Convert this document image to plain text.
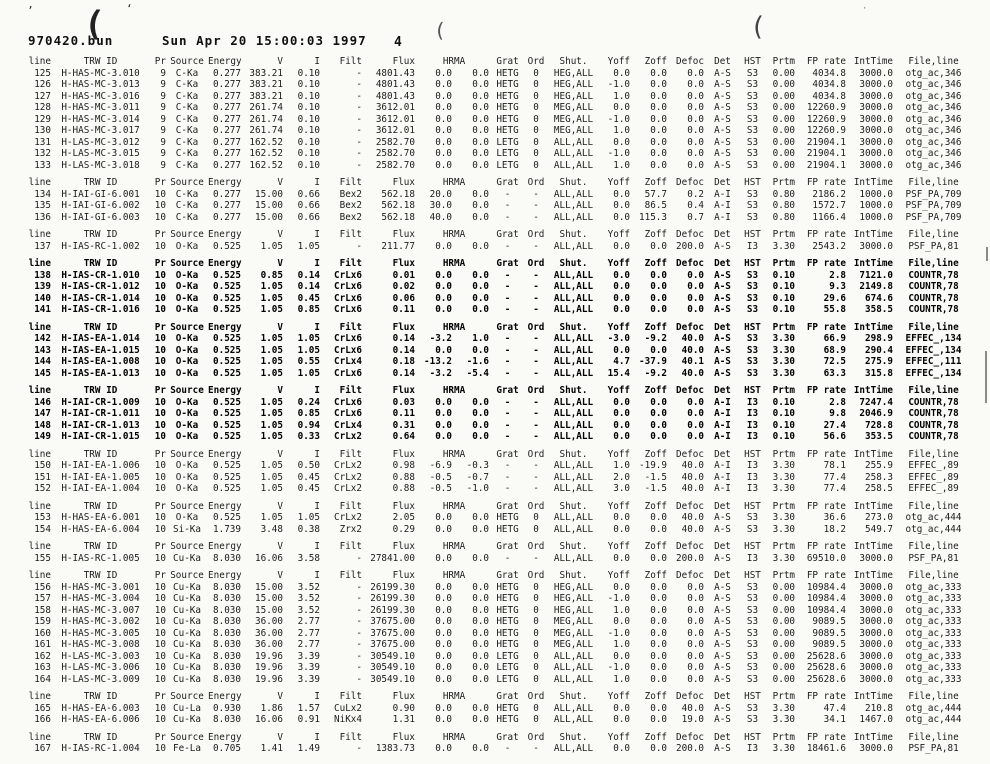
970420.bun	Sun Apr 20 15:00:03 1997 4
line	TRW ID	Pr	Source	Energy	V	I	Filt	Flux	HRMA		Grat	Ord	Shut.	Yoff	Zoff	Defoc	Det	HST	Prtm	FP rate	IntTime	File,line
125	H-HAS-MC-3.010	9	C-Ka	0.277	383.21	0.10	-	4801.43	0.0	0.0	HETG	0	HEG,ALL	0.0	0.0	0.0	A-S	S3	0.00	4034.8	3000.0	otg_ac,346
126	H-HAS-MC-3.013	9	C-Ka	0.277	383.21	0.10	-	4801.43	0.0	0.0	HETG	0	HEG,ALL	-1.0	0.0	0.0	A-S	S3	0.00	4034.8	3000.0	otg_ac,346
127	H-HAS-MC-3.016	9	C-Ka	0.277	383.21	0.10	-	4801.43	0.0	0.0	HETG	0	HEG,ALL	1.0	0.0	0.0	A-S	S3	0.00	4034.8	3000.0	otg_ac,346
128	H-HAS-MC-3.011	9	C-Ka	0.277	261.74	0.10	-	3612.01	0.0	0.0	HETG	0	MEG,ALL	0.0	0.0	0.0	A-S	S3	0.00	12260.9	3000.0	otg_ac,346
129	H-HAS-MC-3.014	9	C-Ka	0.277	261.74	0.10	-	3612.01	0.0	0.0	HETG	0	MEG,ALL	-1.0	0.0	0.0	A-S	S3	0.00	12260.9	3000.0	otg_ac,346
130	H-HAS-MC-3.017	9	C-Ka	0.277	261.74	0.10	-	3612.01	0.0	0.0	HETG	0	MEG,ALL	1.0	0.0	0.0	A-S	S3	0.00	12260.9	3000.0	otg_ac,346
131	H-LAS-MC-3.012	9	C-Ka	0.277	162.52	0.10	-	2582.70	0.0	0.0	LETG	0	ALL,ALL	0.0	0.0	0.0	A-S	S3	0.00	21904.1	3000.0	otg_ac,346
132	H-LAS-MC-3.015	9	C-Ka	0.277	162.52	0.10	-	2582.70	0.0	0.0	LETG	0	ALL,ALL	-1.0	0.0	0.0	A-S	S3	0.00	21904.1	3000.0	otg_ac,346
133	H-LAS-MC-3.018	9	C-Ka	0.277	162.52	0.10	-	2582.70	0.0	0.0	LETG	0	ALL,ALL	1.0	0.0	0.0	A-S	S3	0.00	21904.1	3000.0	otg_ac,346
line	TRW ID	Pr	Source	Energy	V	I	Filt	Flux	HRMA		Grat	Ord	Shut.	Yoff	Zoff	Defoc	Det	HST	Prtm	FP rate	IntTime	File,line
134	H-IAI-GI-6.001	10	C-Ka	0.277	15.00	0.66	Bex2	562.18	20.0	0.0	-	-	ALL,ALL	0.0	57.7	0.2	A-I	S3	0.80	2186.2	1000.0	PSF_PA,709
135	H-IAI-GI-6.002	10	C-Ka	0.277	15.00	0.66	Bex2	562.18	30.0	0.0	-	-	ALL,ALL	0.0	86.5	0.4	A-I	S3	0.80	1572.7	1000.0	PSF_PA,709
136	H-IAI-GI-6.003	10	C-Ka	0.277	15.00	0.66	Bex2	562.18	40.0	0.0	-	-	ALL,ALL	0.0	115.3	0.7	A-I	S3	0.80	1166.4	1000.0	PSF_PA,709
line	TRW ID	Pr	Source	Energy	V	I	Filt	Flux	HRMA		Grat	Ord	Shut.	Yoff	Zoff	Defoc	Det	HST	Prtm	FP rate	IntTime	File,line
137	H-IAS-RC-1.002	10	O-Ka	0.525	1.05	1.05	-	211.77	0.0	0.0	-	-	ALL,ALL	0.0	0.0	200.0	A-S	I3	3.30	2543.2	3000.0	PSF_PA,81
line	TRW ID	Pr	Source	Energy	V	I	Filt	Flux	HRMA		Grat	Ord	Shut.	Yoff	Zoff	Defoc	Det	HST	Prtm	FP rate	IntTime	File,line
138	H-IAS-CR-1.010	10	O-Ka	0.525	0.85	0.14	CrLx6	0.01	0.0	0.0	-	-	ALL,ALL	0.0	0.0	0.0	A-S	S3	0.10	2.8	7121.0	COUNTR,78
139	H-IAS-CR-1.012	10	O-Ka	0.525	1.05	0.14	CrLx6	0.02	0.0	0.0	-	-	ALL,ALL	0.0	0.0	0.0	A-S	S3	0.10	9.3	2149.8	COUNTR,78
140	H-IAS-CR-1.014	10	O-Ka	0.525	1.05	0.45	CrLx6	0.06	0.0	0.0	-	-	ALL,ALL	0.0	0.0	0.0	A-S	S3	0.10	29.6	674.6	COUNTR,78
141	H-IAS-CR-1.016	10	O-Ka	0.525	1.05	0.85	CrLx6	0.11	0.0	0.0	-	-	ALL,ALL	0.0	0.0	0.0	A-S	S3	0.10	55.8	358.5	COUNTR,78
line	TRW ID	Pr	Source	Energy	V	I	Filt	Flux	HRMA		Grat	Ord	Shut.	Yoff	Zoff	Defoc	Det	HST	Prtm	FP rate	IntTime	File,line
142	H-IAS-EA-1.014	10	O-Ka	0.525	1.05	1.05	CrLx6	0.14	-3.2	1.0	-	-	ALL,ALL	-3.0	-9.2	40.0	A-S	S3	3.30	66.9	298.9	EFFEC_,134
143	H-IAS-EA-1.015	10	O-Ka	0.525	1.05	1.05	CrLx6	0.14	0.0	0.0	-	-	ALL,ALL	0.0	0.0	40.0	A-S	S3	3.30	68.9	290.4	EFFEC_,134
144	H-IAS-EA-1.008	10	O-Ka	0.525	1.05	0.55	CrLx4	0.18	-13.2	-1.6	-	-	ALL,ALL	4.7	-37.9	40.1	A-S	S3	3.30	72.5	275.9	EFFEC_,111
145	H-IAS-EA-1.013	10	O-Ka	0.525	1.05	1.05	CrLx6	0.14	-3.2	-5.4	-	-	ALL,ALL	15.4	-9.2	40.0	A-S	S3	3.30	63.3	315.8	EFFEC_,134
line	TRW ID	Pr	Source	Energy	V	I	Filt	Flux	HRMA		Grat	Ord	Shut.	Yoff	Zoff	Defoc	Det	HST	Prtm	FP rate	IntTime	File,line
146	H-IAI-CR-1.009	10	O-Ka	0.525	1.05	0.24	CrLx6	0.03	0.0	0.0	-	-	ALL,ALL	0.0	0.0	0.0	A-I	I3	0.10	2.8	7247.4	COUNTR,78
147	H-IAI-CR-1.011	10	O-Ka	0.525	1.05	0.85	CrLx6	0.11	0.0	0.0	-	-	ALL,ALL	0.0	0.0	0.0	A-I	I3	0.10	9.8	2046.9	COUNTR,78
148	H-IAI-CR-1.013	10	O-Ka	0.525	1.05	0.94	CrLx4	0.31	0.0	0.0	-	-	ALL,ALL	0.0	0.0	0.0	A-I	I3	0.10	27.4	728.8	COUNTR,78
149	H-IAI-CR-1.015	10	O-Ka	0.525	1.05	0.33	CrLx2	0.64	0.0	0.0	-	-	ALL,ALL	0.0	0.0	0.0	A-I	I3	0.10	56.6	353.5	COUNTR,78
line	TRW ID	Pr	Source	Energy	V	I	Filt	Flux	HRMA		Grat	Ord	Shut.	Yoff	Zoff	Defoc	Det	HST	Prtm	FP rate	IntTime	File,line
150	H-IAI-EA-1.006	10	O-Ka	0.525	1.05	0.50	CrLx2	0.98	-6.9	-0.3	-	-	ALL,ALL	1.0	-19.9	40.0	A-I	I3	3.30	78.1	255.9	EFFEC_,89
151	H-IAI-EA-1.005	10	O-Ka	0.525	1.05	0.45	CrLx2	0.88	-0.5	-0.7	-	-	ALL,ALL	2.0	-1.5	40.0	A-I	I3	3.30	77.4	258.3	EFFEC_,89
152	H-IAI-EA-1.004	10	O-Ka	0.525	1.05	0.45	CrLx2	0.88	-0.5	-1.0	-	-	ALL,ALL	3.0	-1.5	40.0	A-I	I3	3.30	77.4	258.5	EFFEC_,89
line	TRW ID	Pr	Source	Energy	V	I	Filt	Flux	HRMA		Grat	Ord	Shut.	Yoff	Zoff	Defoc	Det	HST	Prtm	FP rate	IntTime	File,line
153	H-HAS-EA-6.001	10	O-Ka	0.525	1.05	1.05	CrLx2	2.05	0.0	0.0	HETG	0	ALL,ALL	0.0	0.0	40.0	A-S	S3	3.30	36.6	273.0	otg_ac,444
154	H-HAS-EA-6.004	10	Si-Ka	1.739	3.48	0.38	Zrx2	0.29	0.0	0.0	HETG	0	ALL,ALL	0.0	0.0	40.0	A-S	S3	3.30	18.2	549.7	otg_ac,444
line	TRW ID	Pr	Source	Energy	V	I	Filt	Flux	HRMA		Grat	Ord	Shut.	Yoff	Zoff	Defoc	Det	HST	Prtm	FP rate	IntTime	File,line
155	H-IAS-RC-1.005	10	Cu-Ka	8.030	16.06	3.58	-	27841.00	0.0	0.0	-	-	ALL,ALL	0.0	0.0	200.0	A-S	I3	3.30	69510.0	3000.0	PSF_PA,81
line	TRW ID	Pr	Source	Energy	V	I	Filt	Flux	HRMA		Grat	Ord	Shut.	Yoff	Zoff	Defoc	Det	HST	Prtm	FP rate	IntTime	File,line
156	H-HAS-MC-3.001	10	Cu-Ka	8.030	15.00	3.52	-	26199.30	0.0	0.0	HETG	0	HEG,ALL	0.0	0.0	0.0	A-S	S3	0.00	10984.4	3000.0	otg_ac,333
157	H-HAS-MC-3.004	10	Cu-Ka	8.030	15.00	3.52	-	26199.30	0.0	0.0	HETG	0	HEG,ALL	-1.0	0.0	0.0	A-S	S3	0.00	10984.4	3000.0	otg_ac,333
158	H-HAS-MC-3.007	10	Cu-Ka	8.030	15.00	3.52	-	26199.30	0.0	0.0	HETG	0	HEG,ALL	1.0	0.0	0.0	A-S	S3	0.00	10984.4	3000.0	otg_ac,333
159	H-HAS-MC-3.002	10	Cu-Ka	8.030	36.00	2.77	-	37675.00	0.0	0.0	HETG	0	MEG,ALL	0.0	0.0	0.0	A-S	S3	0.00	9089.5	3000.0	otg_ac,333
160	H-HAS-MC-3.005	10	Cu-Ka	8.030	36.00	2.77	-	37675.00	0.0	0.0	HETG	0	MEG,ALL	-1.0	0.0	0.0	A-S	S3	0.00	9089.5	3000.0	otg_ac,333
161	H-HAS-MC-3.008	10	Cu-Ka	8.030	36.00	2.77	-	37675.00	0.0	0.0	HETG	0	MEG,ALL	1.0	0.0	0.0	A-S	S3	0.00	9089.5	3000.0	otg_ac,333
162	H-LAS-MC-3.003	10	Cu-Ka	8.030	19.96	3.39	-	30549.10	0.0	0.0	LETG	0	ALL,ALL	0.0	0.0	0.0	A-S	S3	0.00	25628.6	3000.0	otg_ac,333
163	H-LAS-MC-3.006	10	Cu-Ka	8.030	19.96	3.39	-	30549.10	0.0	0.0	LETG	0	ALL,ALL	-1.0	0.0	0.0	A-S	S3	0.00	25628.6	3000.0	otg_ac,333
164	H-LAS-MC-3.009	10	Cu-Ka	8.030	19.96	3.39	-	30549.10	0.0	0.0	LETG	0	ALL,ALL	1.0	0.0	0.0	A-S	S3	0.00	25628.6	3000.0	otg_ac,333
line	TRW ID	Pr	Source	Energy	V	I	Filt	Flux	HRMA		Grat	Ord	Shut.	Yoff	Zoff	Defoc	Det	HST	Prtm	FP rate	IntTime	File,line
165	H-HAS-EA-6.003	10	Cu-La	0.930	1.86	1.57	CuLx2	0.90	0.0	0.0	HETG	0	ALL,ALL	0.0	0.0	40.0	A-S	S3	3.30	47.4	210.8	otg_ac,444
166	H-HAS-EA-6.006	10	Cu-Ka	8.030	16.06	0.91	NiKx4	1.31	0.0	0.0	HETG	0	ALL,ALL	0.0	0.0	19.0	A-S	S3	3.30	34.1	1467.0	otg_ac,444
line	TRW ID	Pr	Source	Energy	V	I	Filt	Flux	HRMA		Grat	Ord	Shut.	Yoff	Zoff	Defoc	Det	HST	Prtm	FP rate	IntTime	File,line
167	H-IAS-RC-1.004	10	Fe-La	0.705	1.41	1.49	-	1383.73	0.0	0.0	-	-	ALL,ALL	0.0	0.0	200.0	A-S	I3	3.30	18461.6	3000.0	PSF_PA,81
(	(	(
’	‘	·
